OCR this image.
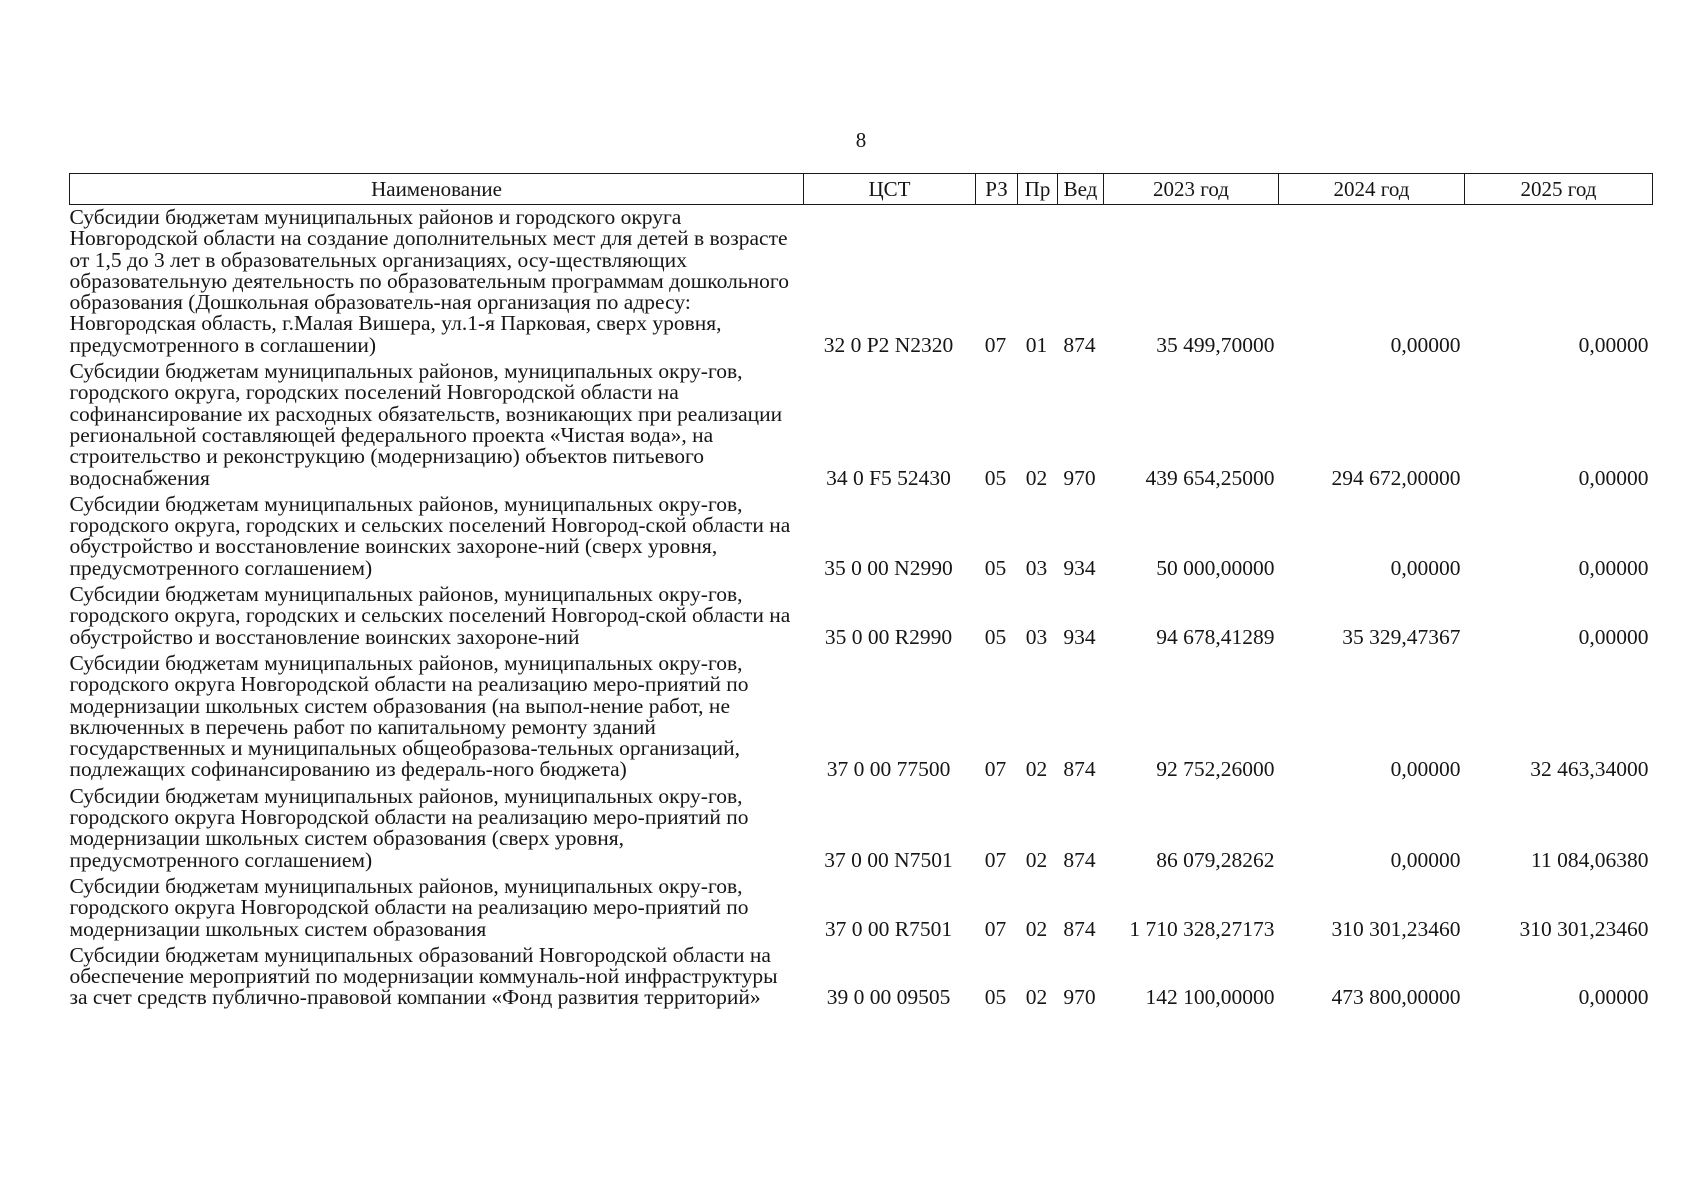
8
Наименование	ЦСТ	РЗ	Пр	Вед	2023 год	2024 год	2025 год
Субсидии бюджетам муниципальных районов и городского округа Новгородской области на создание дополнительных мест для детей в возрасте от 1,5 до 3 лет в образовательных организациях, осу-ществляющих образовательную деятельность по образовательным программам дошкольного образования (Дошкольная образователь-ная организация по адресу: Новгородская область, г.Малая Вишера, ул.1-я Парковая, сверх уровня, предусмотренного в соглашении)	32 0 P2 N2320	07	01	874	35 499,70000	0,00000	0,00000
Субсидии бюджетам муниципальных районов, муниципальных окру-гов, городского округа, городских поселений Новгородской области на софинансирование их расходных обязательств, возникающих при реализации региональной составляющей федерального проекта «Чистая вода», на строительство и реконструкцию (модернизацию) объектов питьевого водоснабжения	34 0 F5 52430	05	02	970	439 654,25000	294 672,00000	0,00000
Субсидии бюджетам муниципальных районов, муниципальных окру-гов, городского округа, городских и сельских поселений Новгород-ской области на обустройство и восстановление воинских захороне-ний (сверх уровня, предусмотренного соглашением)	35 0 00 N2990	05	03	934	50 000,00000	0,00000	0,00000
Субсидии бюджетам муниципальных районов, муниципальных окру-гов, городского округа, городских и сельских поселений Новгород-ской области на обустройство и восстановление воинских захороне-ний	35 0 00 R2990	05	03	934	94 678,41289	35 329,47367	0,00000
Субсидии бюджетам муниципальных районов, муниципальных окру-гов, городского округа Новгородской области на реализацию меро-приятий по модернизации школьных систем образования (на выпол-нение работ, не включенных в перечень работ по капитальному ремонту зданий государственных и муниципальных общеобразова-тельных организаций, подлежащих софинансированию из федераль-ного бюджета)	37 0 00 77500	07	02	874	92 752,26000	0,00000	32 463,34000
Субсидии бюджетам муниципальных районов, муниципальных окру-гов, городского округа Новгородской области на реализацию меро-приятий по модернизации школьных систем образования (сверх уровня, предусмотренного соглашением)	37 0 00 N7501	07	02	874	86 079,28262	0,00000	11 084,06380
Субсидии бюджетам муниципальных районов, муниципальных окру-гов, городского округа Новгородской области на реализацию меро-приятий по модернизации школьных систем образования	37 0 00 R7501	07	02	874	1 710 328,27173	310 301,23460	310 301,23460
Субсидии бюджетам муниципальных образований Новгородской области на обеспечение мероприятий по модернизации коммуналь-ной инфраструктуры за счет средств публично-правовой компании «Фонд развития территорий»	39 0 00 09505	05	02	970	142 100,00000	473 800,00000	0,00000
